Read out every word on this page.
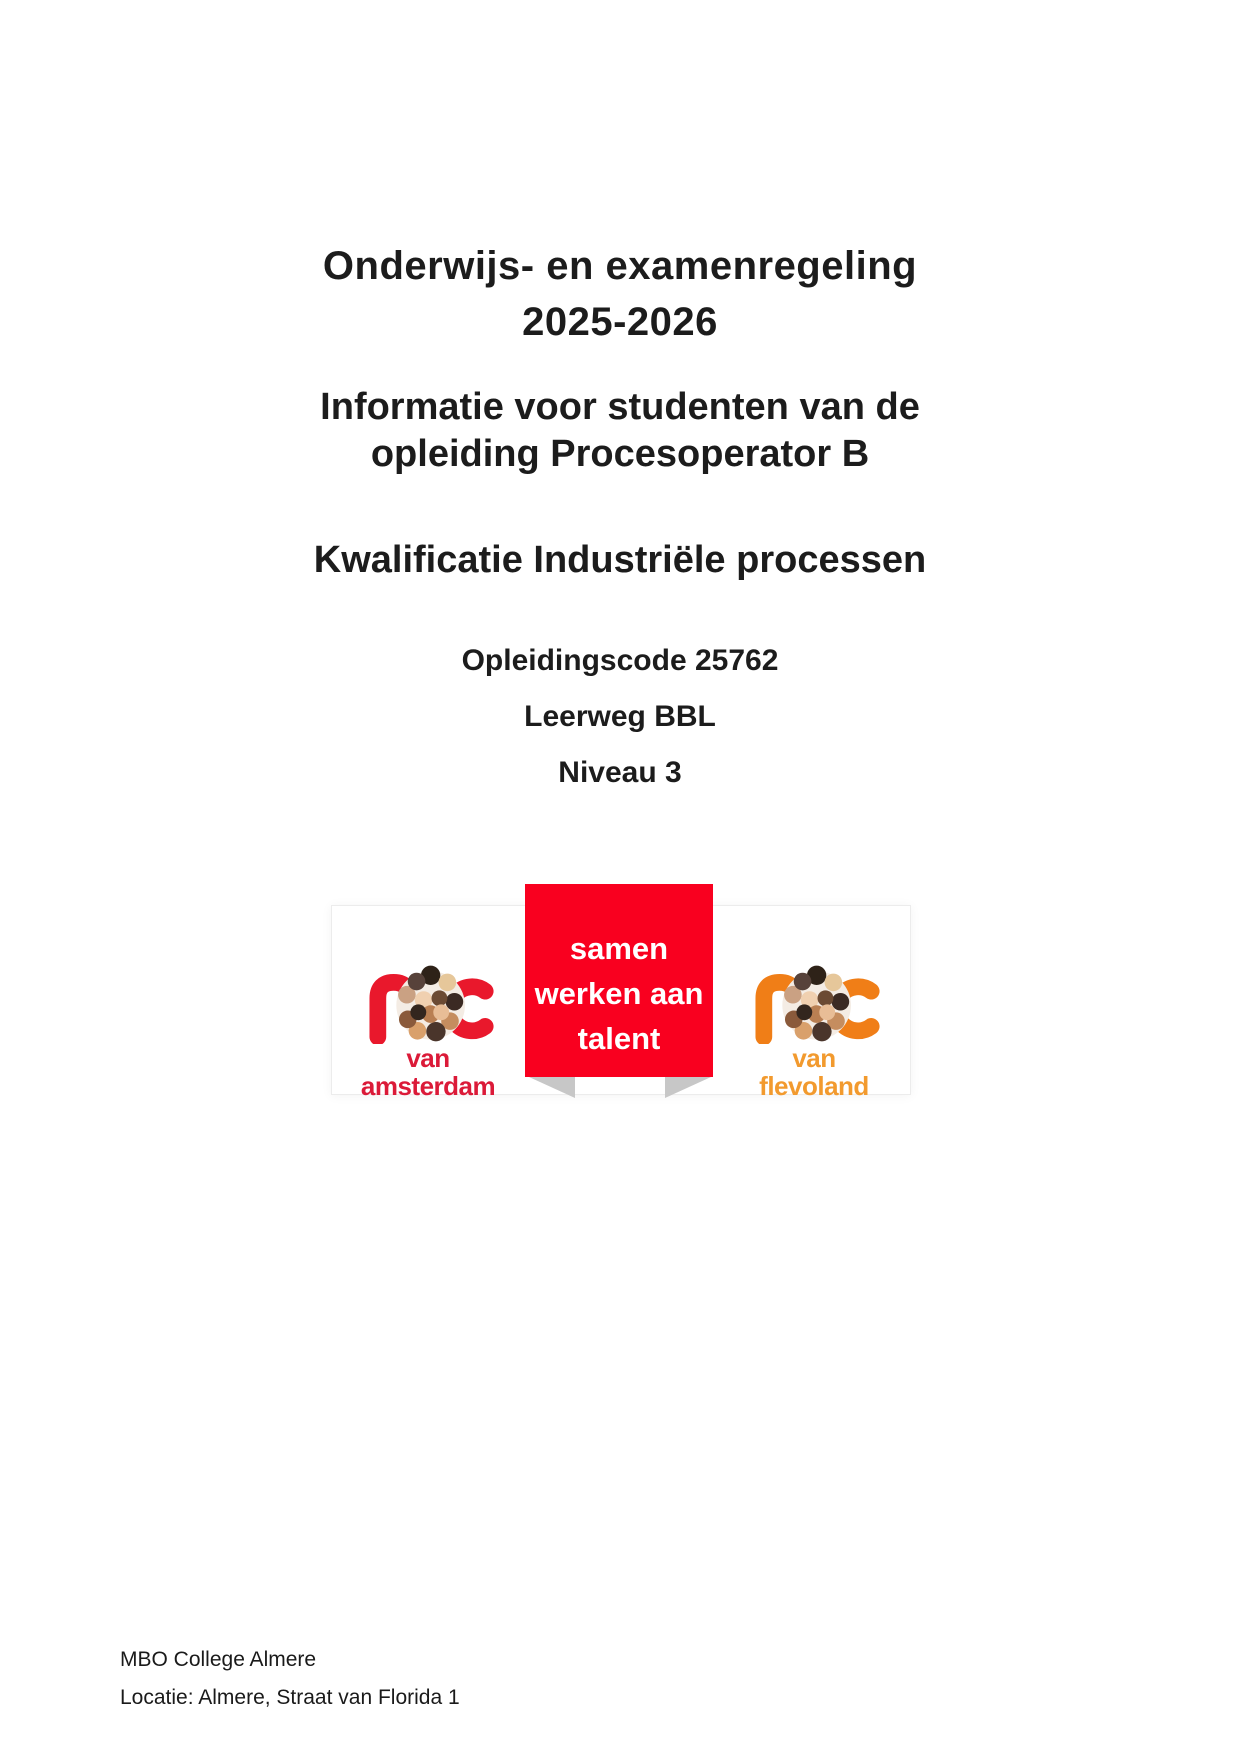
Onderwijs- en examenregeling
2025-2026
Informatie voor studenten van de
opleiding Procesoperator B
Kwalificatie Industriële processen
Opleidingscode 25762
Leerweg BBL
Niveau 3
samen
werken aan
talent
van amsterdam
van flevoland
MBO College Almere
Locatie: Almere, Straat van Florida 1
